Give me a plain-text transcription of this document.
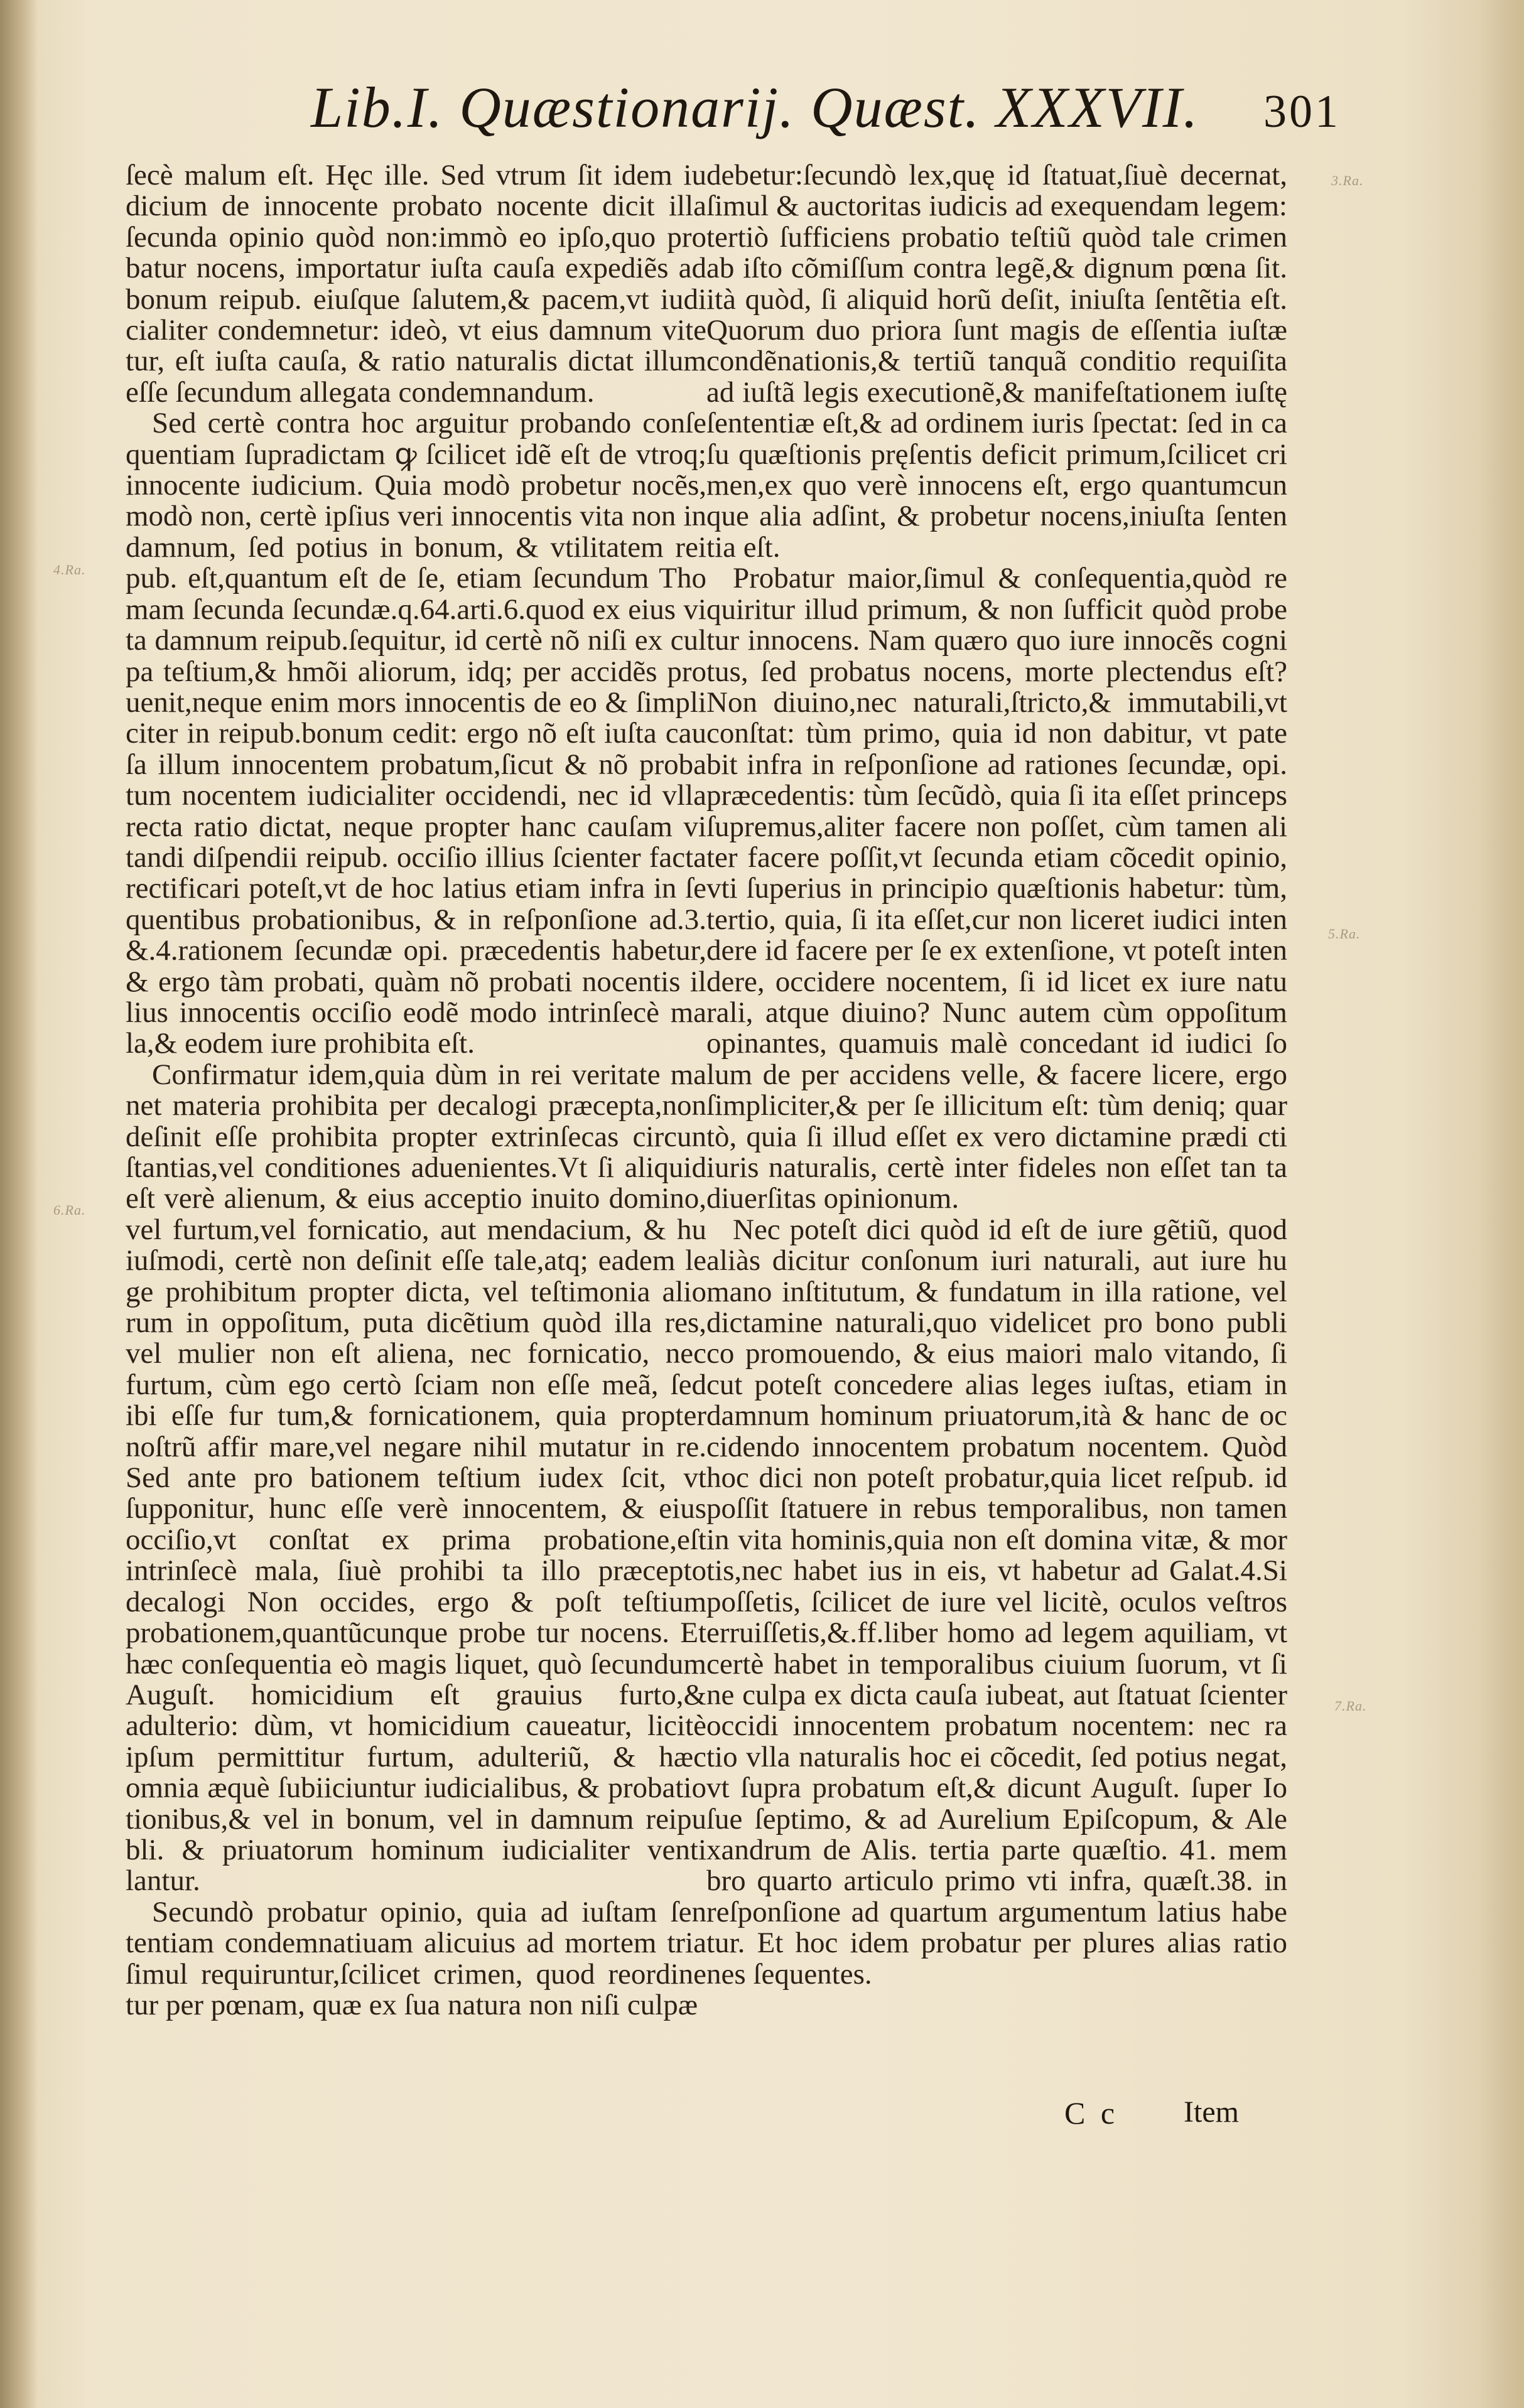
Lib.I. Quæstionarij. Quæst. XXXVII. 301
3.Ra.
4.Ra.
5.Ra.
6.Ra.
7.Ra.

ſecè malum eſt. Hęc ille. Sed vtrum ſit idem iu dicium de innocente probato nocente dicit illa ſecunda opinio quòd non:immò eo ipſo,quo pro batur nocens, importatur iuſta cauſa expediẽs ad bonum reipub. eiuſque ſalutem,& pacem,vt iudi cialiter condemnetur: ideò, vt eius damnum vite tur, eſt iuſta cauſa, & ratio naturalis dictat illum eſſe ſecundum allegata condemnandum.

Sed certè contra hoc arguitur probando conſe quentiam ſupradictam ꝙ ſcilicet idẽ eſt de vtroq; innocente iudicium. Quia modò probetur nocẽs, modò non, certè ipſius veri innocentis vita non in damnum, ſed potius in bonum, & vtilitatem rei pub. eſt,quantum eſt de ſe, etiam ſecundum Tho mam ſecunda ſecundæ.q.64.arti.6.quod ex eius vi ta damnum reipub.ſequitur, id certè nõ niſi ex cul pa teſtium,& hmõi aliorum, idq; per accidẽs pro uenit,neque enim mors innocentis de eo & ſimpli citer in reipub.bonum cedit: ergo nõ eſt iuſta cau ſa illum innocentem probatum,ſicut & nõ proba tum nocentem iudicialiter occidendi, nec id vlla recta ratio dictat, neque propter hanc cauſam vi tandi diſpendii reipub. occiſio illius ſcienter facta rectificari poteſt,vt de hoc latius etiam infra in ſe quentibus probationibus, & in reſponſione ad.3. &.4.rationem ſecundæ opi. præcedentis habetur, & ergo tàm probati, quàm nõ probati nocentis il lius innocentis occiſio eodẽ modo intrinſecè ma la,& eodem iure prohibita eſt.

Confirmatur idem,quia dùm in rei veritate ma net materia prohibita per decalogi præcepta,non deſinit eſſe prohibita propter extrinſecas circun ſtantias,vel conditiones aduenientes.Vt ſi aliquid eſt verè alienum, & eius acceptio inuito domino, vel furtum,vel fornicatio, aut mendacium, & hu iuſmodi, certè non deſinit eſſe tale,atq; eadem le ge prohibitum propter dicta, vel teſtimonia alio rum in oppoſitum, puta dicẽtium quòd illa res, vel mulier non eſt aliena, nec fornicatio, nec furtum, cùm ego certò ſciam non eſſe meã, ſed ibi eſſe fur tum,& fornicationem, quia propter noſtrũ affir mare,vel negare nihil mutatur in re. Sed ante pro bationem teſtium iudex ſcit, vt ſupponitur, hunc eſſe verè innocentem, & eius occiſio,vt conſtat ex prima probatione,eſt intrinſecè mala, ſiuè prohibi ta illo præcepto decalogi Non occides, ergo & poſt teſtium probationem,quantũcunque probe tur nocens. Et hæc conſequentia eò magis liquet, quò ſecundum Auguſt. homicidium eſt grauius furto,& adulterio: dùm, vt homicidium caueatur, licitè ipſum permittitur furtum, adulteriũ, & hæc omnia æquè ſubiiciuntur iudicialibus, & probatio tionibus,& vel in bonum, vel in damnum reipu bli. & priuatorum hominum iudicialiter venti lantur.

Secundò probatur opinio, quia ad iuſtam ſen tentiam condemnatiuam alicuius ad mortem tria ſimul requiruntur,ſcilicet crimen, quod reordine tur per pœnam, quæ ex ſua natura non niſi culpæ

debetur:ſecundò lex,quę id ſtatuat,ſiuè decernat, ſimul & auctoritas iudicis ad exequendam legem: tertiò ſufficiens probatio teſtiũ quòd tale crimen ab iſto cõmiſſum contra legẽ,& dignum pœna ſit. ità quòd, ſi aliquid horũ deſit, iniuſta ſentẽtia eſt. Quorum duo priora ſunt magis de eſſentia iuſtæ condẽnationis,& tertiũ tanquã conditio requiſita ad iuſtã legis executionẽ,& manifeſtationem iuſtę ſententiæ eſt,& ad ordinem iuris ſpectat: ſed in ca ſu quæſtionis pręſentis deficit primum,ſcilicet cri men,ex quo verè innocens eſt, ergo quantumcun que alia adſint, & probetur nocens,iniuſta ſenten tia eſt.

Probatur maior,ſimul & conſequentia,quòd re quiritur illud primum, & non ſufficit quòd probe tur innocens. Nam quæro quo iure innocẽs cogni tus, ſed probatus nocens, morte plectendus eſt? Non diuino,nec naturali,ſtricto,& immutabili,vt conſtat: tùm primo, quia id non dabitur, vt pate bit infra in reſponſione ad rationes ſecundæ, opi. præcedentis: tùm ſecũdò, quia ſi ita eſſet princeps ſupremus,aliter facere non poſſet, cùm tamen ali ter facere poſſit,vt ſecunda etiam cõcedit opinio, vti ſuperius in principio quæſtionis habetur: tùm, tertio, quia, ſi ita eſſet,cur non liceret iudici inten dere id facere per ſe ex extenſione, vt poteſt inten dere, occidere nocentem, ſi id licet ex iure natu rali, atque diuino? Nunc autem cùm oppoſitum opinantes, quamuis malè concedant id iudici ſo lum de per accidens velle, & facere licere, ergo ſimpliciter,& per ſe illicitum eſt: tùm deniq; quar tò, quia ſi illud eſſet ex vero dictamine prædi cti iuris naturalis, certè inter fideles non eſſet tan ta diuerſitas opinionum.

Nec poteſt dici quòd id eſt de iure gẽtiũ, quod aliàs dicitur conſonum iuri naturali, aut iure hu mano inſtitutum, & fundatum in illa ratione, vel dictamine naturali,quo videlicet pro bono publi co promouendo, & eius maiori malo vitando, ſi cut poteſt concedere alias leges iuſtas, etiam in damnum hominum priuatorum,ità & hanc de oc cidendo innocentem probatum nocentem. Quòd hoc dici non poteſt probatur,quia licet reſpub. id poſſit ſtatuere in rebus temporalibus, non tamen in vita hominis,quia non eſt domina vitæ, & mor tis,nec habet ius in eis, vt habetur ad Galat.4.Si poſſetis, ſcilicet de iure vel licitè, oculos veſtros erruiſſetis,&.ff.liber homo ad legem aquiliam, vt certè habet in temporalibus ciuium ſuorum, vt ſi ne culpa ex dicta cauſa iubeat, aut ſtatuat ſcienter occidi innocentem probatum nocentem: nec ra tio vlla naturalis hoc ei cõcedit, ſed potius negat, vt ſupra probatum eſt,& dicunt Auguſt. ſuper Io ſue ſeptimo, & ad Aurelium Epiſcopum, & Ale xandrum de Alis. tertia parte quæſtio. 41. mem bro quarto articulo primo vti infra, quæſt.38. in reſponſione ad quartum argumentum latius habe tur. Et hoc idem probatur per plures alias ratio nes ſequentes.

C c Item
